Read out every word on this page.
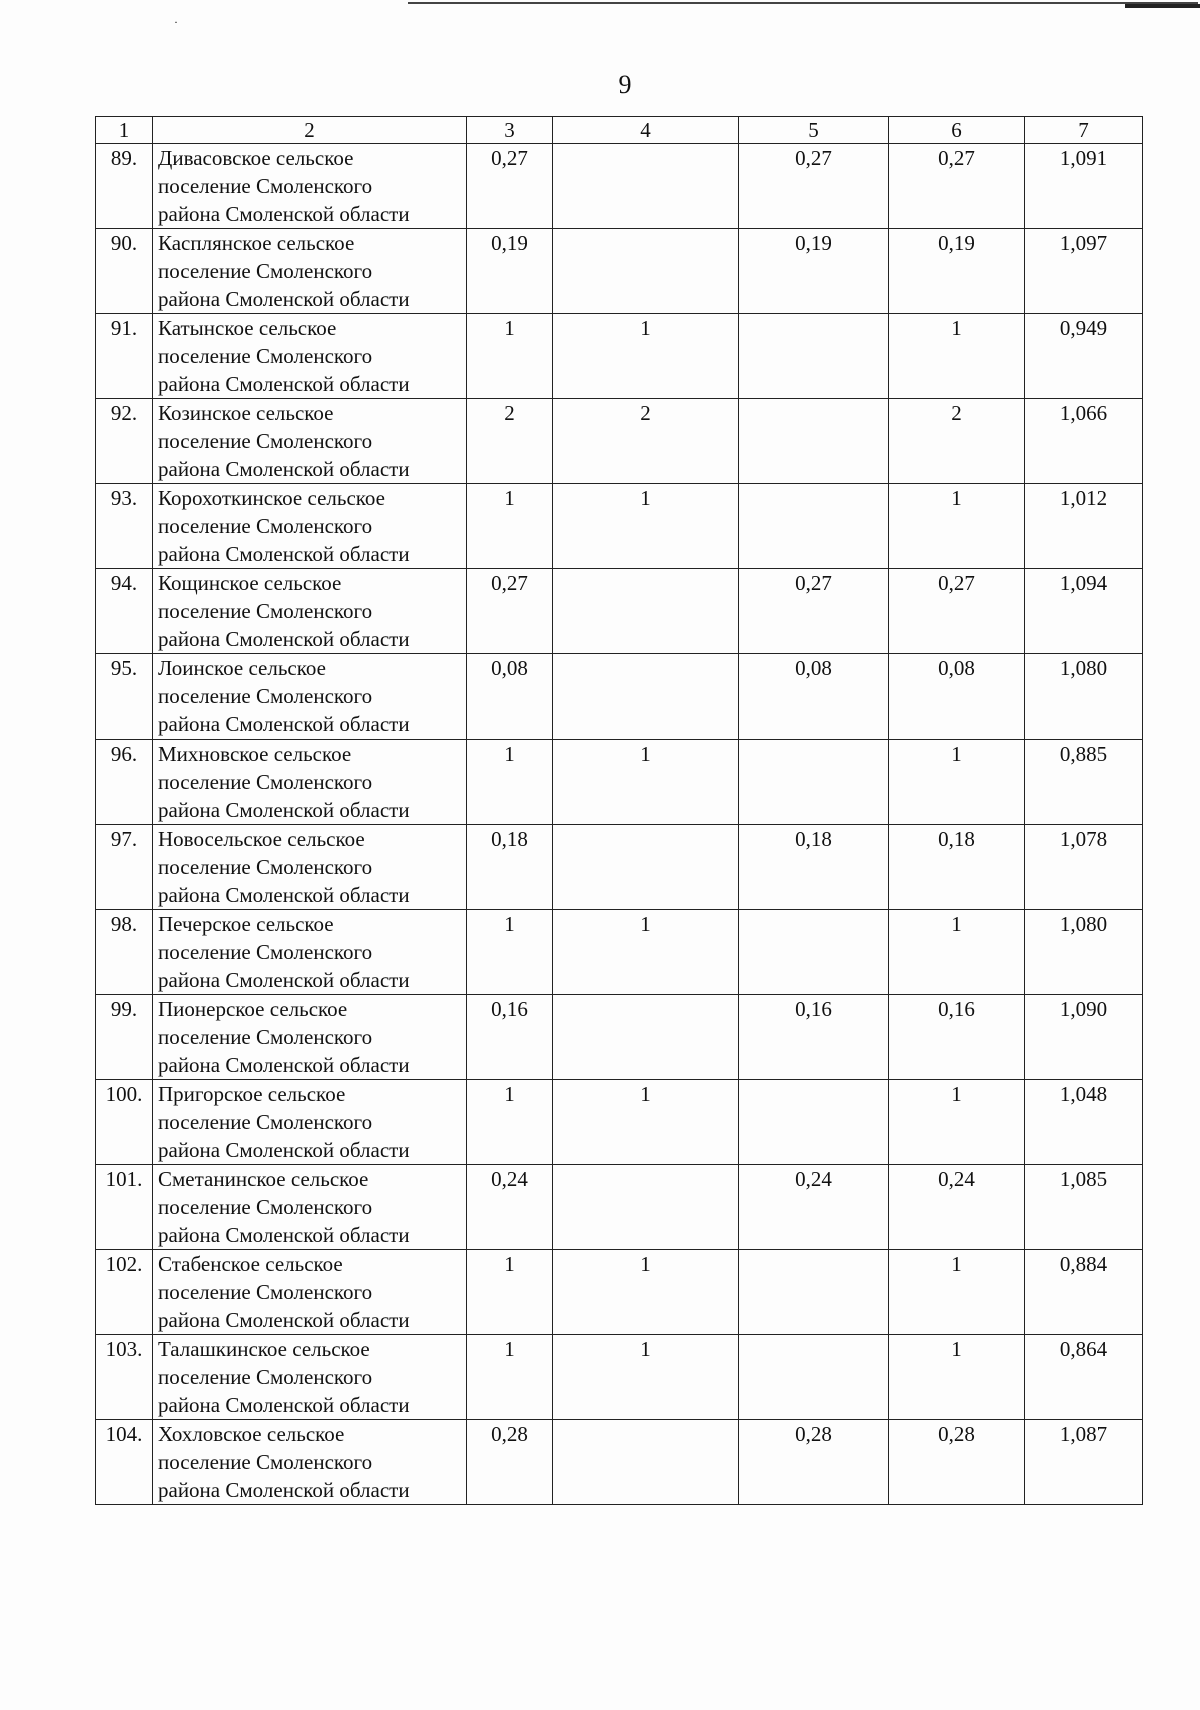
·
9
1	2	3	4	5	6	7
89.	Дивасовское сельское
поселение Смоленского
района Смоленской области	0,27		0,27	0,27	1,091
90.	Касплянское сельское
поселение Смоленского
района Смоленской области	0,19		0,19	0,19	1,097
91.	Катынское сельское
поселение Смоленского
района Смоленской области	1	1		1	0,949
92.	Козинское сельское
поселение Смоленского
района Смоленской области	2	2		2	1,066
93.	Корохоткинское сельское
поселение Смоленского
района Смоленской области	1	1		1	1,012
94.	Кощинское сельское
поселение Смоленского
района Смоленской области	0,27		0,27	0,27	1,094
95.	Лоинское сельское
поселение Смоленского
района Смоленской области	0,08		0,08	0,08	1,080
96.	Михновское сельское
поселение Смоленского
района Смоленской области	1	1		1	0,885
97.	Новосельское сельское
поселение Смоленского
района Смоленской области	0,18		0,18	0,18	1,078
98.	Печерское сельское
поселение Смоленского
района Смоленской области	1	1		1	1,080
99.	Пионерское сельское
поселение Смоленского
района Смоленской области	0,16		0,16	0,16	1,090
100.	Пригорское сельское
поселение Смоленского
района Смоленской области	1	1		1	1,048
101.	Сметанинское сельское
поселение Смоленского
района Смоленской области	0,24		0,24	0,24	1,085
102.	Стабенское сельское
поселение Смоленского
района Смоленской области	1	1		1	0,884
103.	Талашкинское сельское
поселение Смоленского
района Смоленской области	1	1		1	0,864
104.	Хохловское сельское
поселение Смоленского
района Смоленской области	0,28		0,28	0,28	1,087
